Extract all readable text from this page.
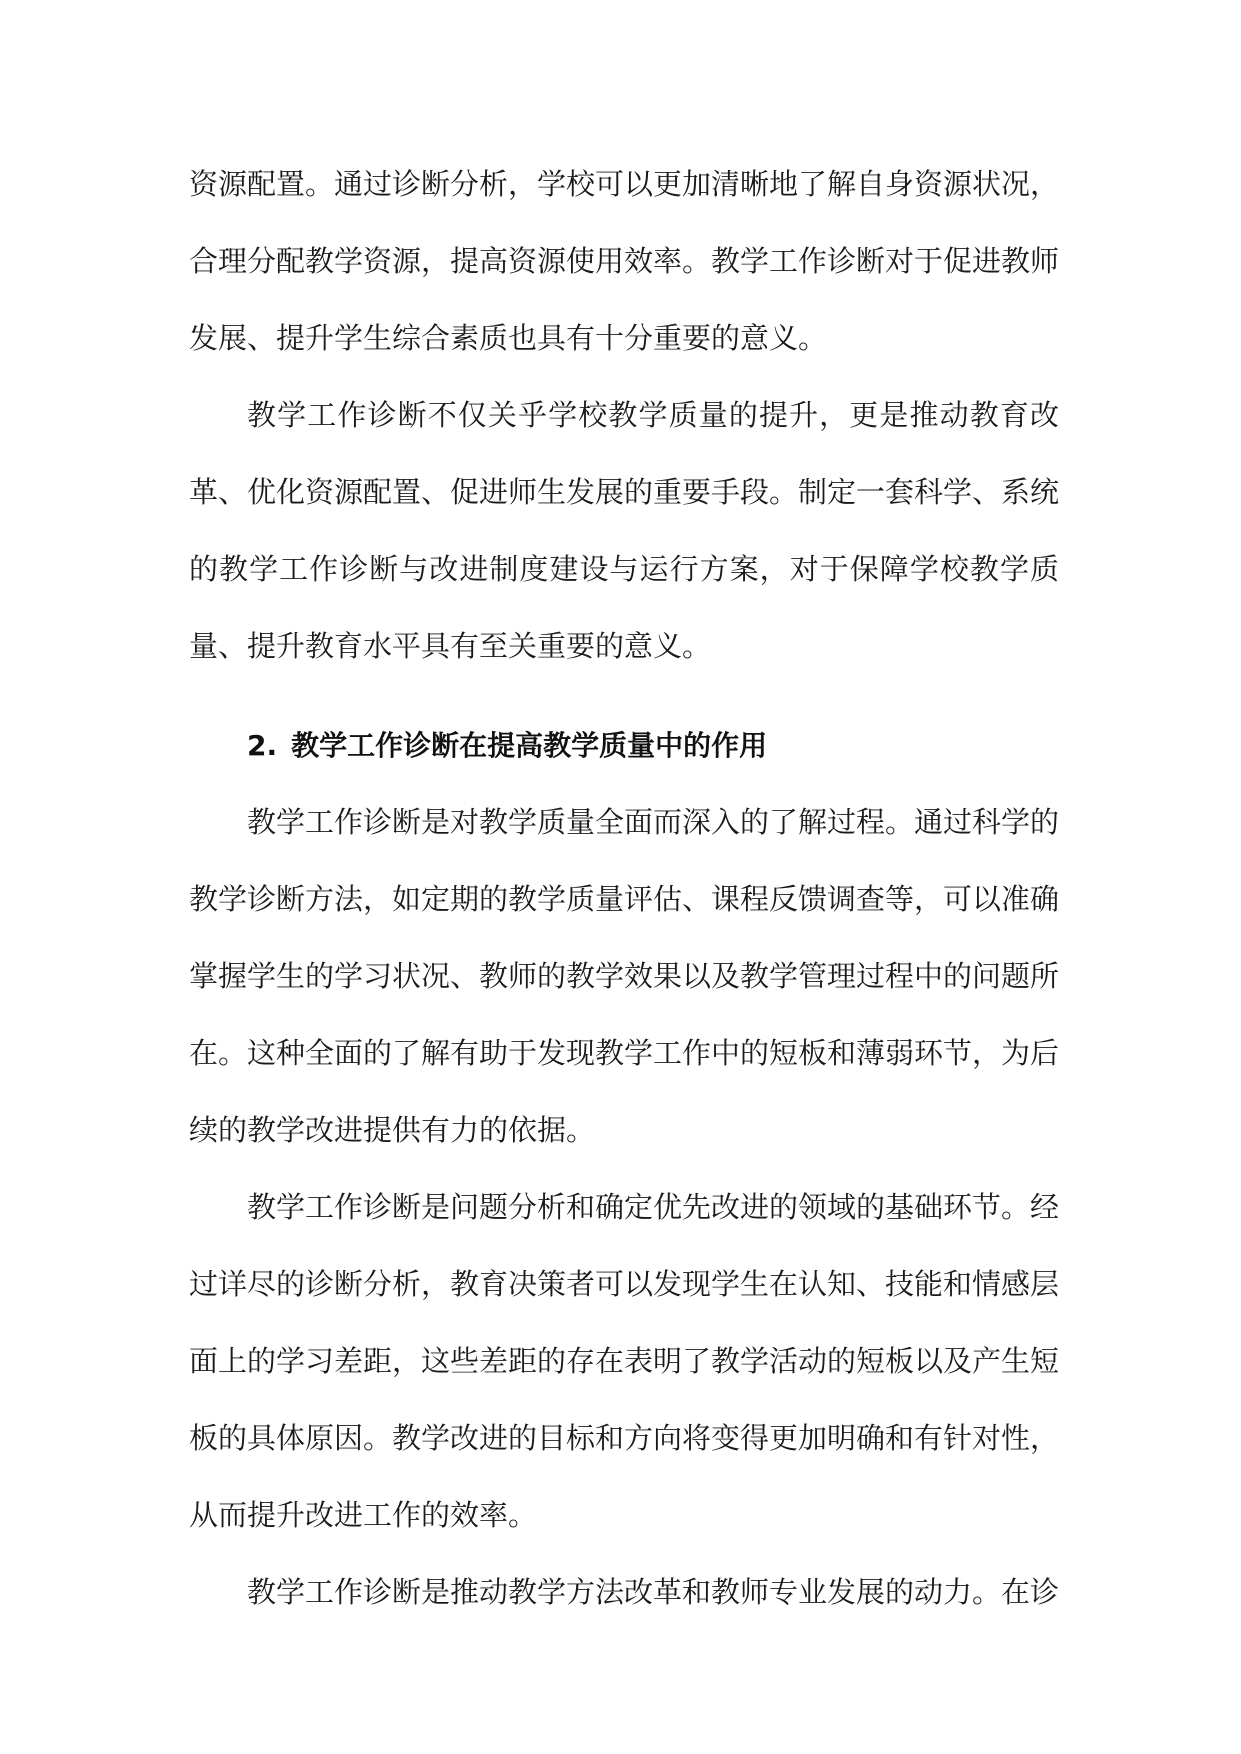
资源配置。通过诊断分析，学校可以更加清晰地了解自身资源状况，合理分配教学资源，提高资源使用效率。教学工作诊断对于促进教师发展、提升学生综合素质也具有十分重要的意义。

教学工作诊断不仅关乎学校教学质量的提升，更是推动教育改革、优化资源配置、促进师生发展的重要手段。制定一套科学、系统的教学工作诊断与改进制度建设与运行方案，对于保障学校教学质量、提升教育水平具有至关重要的意义。

2. 教学工作诊断在提高教学质量中的作用

教学工作诊断是对教学质量全面而深入的了解过程。通过科学的教学诊断方法，如定期的教学质量评估、课程反馈调查等，可以准确掌握学生的学习状况、教师的教学效果以及教学管理过程中的问题所在。这种全面的了解有助于发现教学工作中的短板和薄弱环节，为后续的教学改进提供有力的依据。

教学工作诊断是问题分析和确定优先改进的领域的基础环节。经过详尽的诊断分析，教育决策者可以发现学生在认知、技能和情感层面上的学习差距，这些差距的存在表明了教学活动的短板以及产生短板的具体原因。教学改进的目标和方向将变得更加明确和有针对性，从而提升改进工作的效率。

教学工作诊断是推动教学方法改革和教师专业发展的动力。在诊
